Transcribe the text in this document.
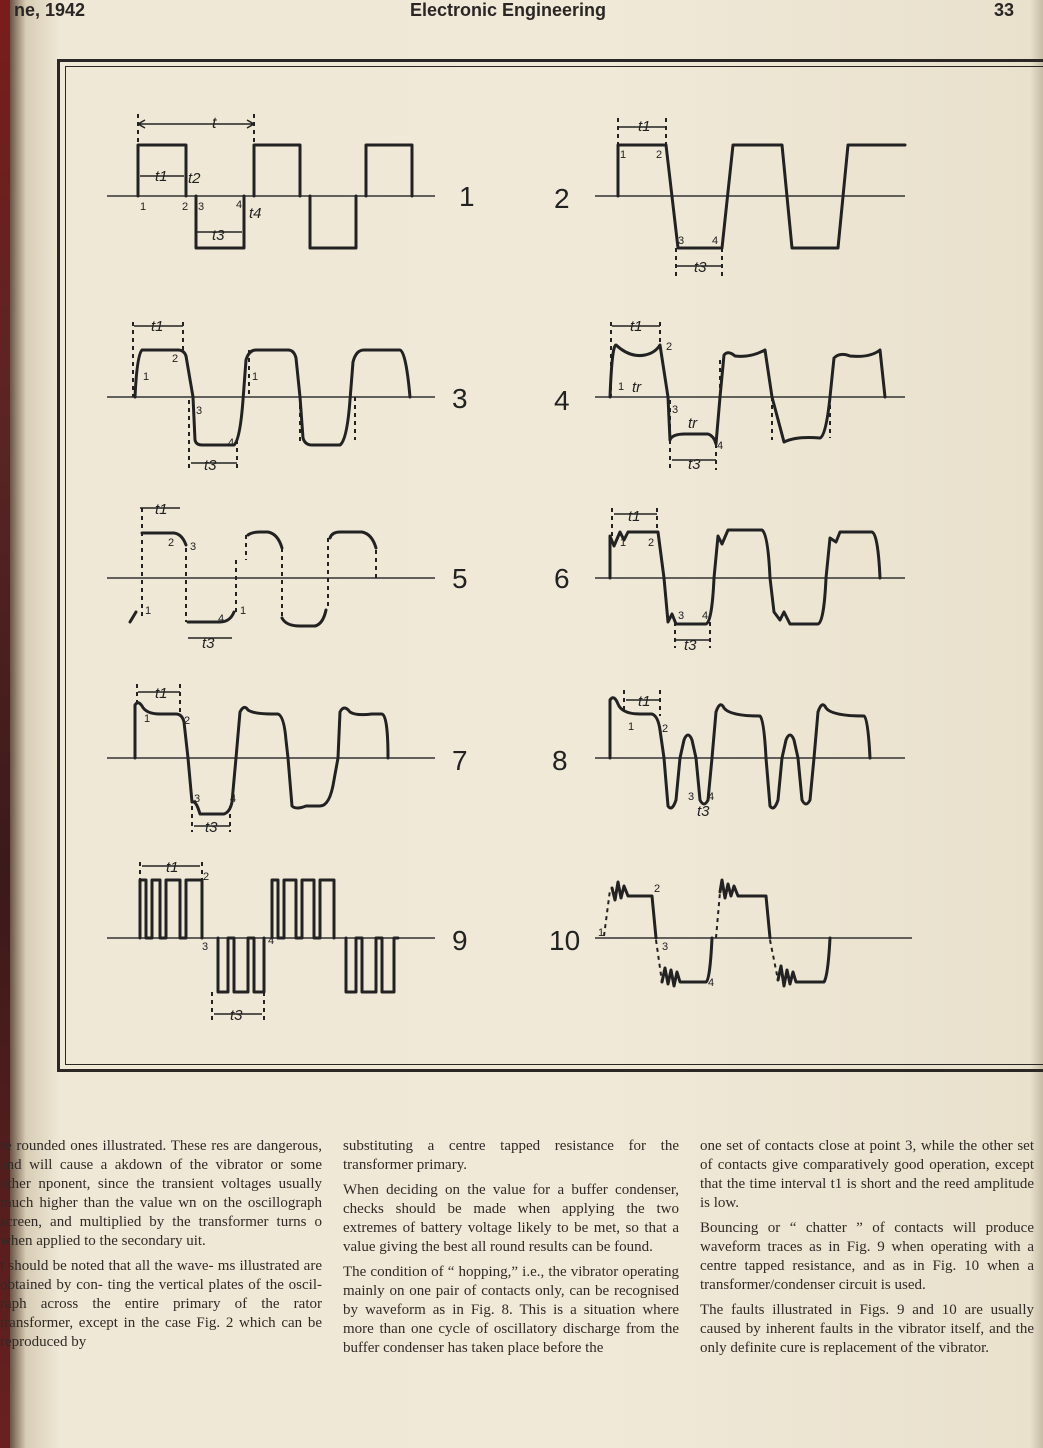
ne, 1942	Electronic Engineering	33
t
t1 t2
t3
t4
1	2 3	4	1
t1
t3
1	2
3	4
2
t1
t3
1
2
3
4
1
3
t1
tr
tr
t3
1
2
3
4
4
t1
t3
1
2 3
4
1
5
t1
t3
1 2
3 4
6
t1
t3
1	2
3	4
7
t1
t3
1	2
3 4
8
t1
t3
2
3	4	9	1
2
3
4
10

re rounded ones illustrated. These res are dangerous, and will cause a akdown of the vibrator or some other nponent, since the transient voltages usually much higher than the value wn on the oscillograph screen, and multiplied by the transformer turns o when applied to the secondary uit.

t should be noted that all the wave- ms illustrated are obtained by con- ting the vertical plates of the oscil- raph across the entire primary of the rator transformer, except in the case Fig. 2 which can be reproduced by

substituting a centre tapped resistance for the transformer primary.

When deciding on the value for a buffer condenser, checks should be made when applying the two extremes of battery voltage likely to be met, so that a value giving the best all round results can be found.

The condition of “ hopping,” i.e., the vibrator operating mainly on one pair of contacts only, can be recognised by waveform as in Fig. 8. This is a situation where more than one cycle of oscillatory discharge from the buffer condenser has taken place before the

one set of contacts close at point 3, while the other set of contacts give comparatively good operation, except that the time interval t1 is short and the reed amplitude is low.

Bouncing or “ chatter ” of contacts will produce waveform traces as in Fig. 9 when operating with a centre tapped resistance, and as in Fig. 10 when a transformer/condenser circuit is used.

The faults illustrated in Figs. 9 and 10 are usually caused by inherent faults in the vibrator itself, and the only definite cure is replacement of the vibrator.
